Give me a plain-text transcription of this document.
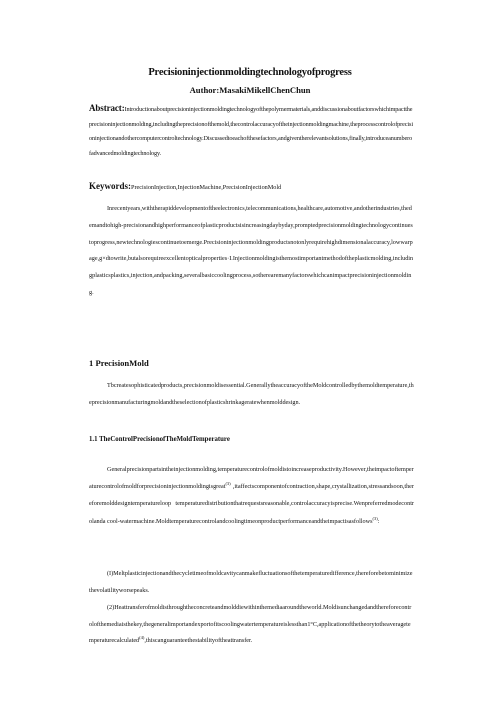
Precisioninjectionmoldingtechnologyofprogress
Author:MasakiMikellChenChun
Abstract:Introductionaboutprecisioninjectionmoldingtechnologyofthepolymermaterials,anddiscussionaboutfactorswhichimpacttheprecisioninjectionmolding,includingtheprecisionofthemold,thecontrolaccuracyoftheinjectionmoldingmachine,theprocesscontrolofprecisioninjectionandothercomputercontroltechnology.Discussedtoeachofthesefactors,andgiventherelevantsolutions,finally,introduceanumberofadvancedmoldingtechnology.
Keywords:PrecisionInjection,InjectionMachine,PrecisionInjectionMold

Inrecentyears,withtherapiddevelopmentoftheelectronics,telecommunications,healthcare,automotive,andotherindustries,thedemandtohigh-precisionandhighperformanceofplasticproductsisincreasingdaybyday,promptedprecisionmoldingtechnologycontinuestoprogress,newtechnologiescontinuetoemerge.Precisioninjectionmoldingproductsnotonlyrequirehighdimensionalaccuracy,lowwarpage,g×dtowrite,butalsorequireexcellentopticalproperties·I.Injectionmoldingisthemostimportantmethodoftheplasticmolding,includingplasticsplastics,injection,andpacking,severalbasiccoolingprocess,sotherearemanyfactorswhichcanimpactprecisioninjectionmolding.

1 PrecisionMold

Tbcreatesophisticatedproducts,precisionmoldisessential.GenerallytheaccuracyoftheMoldcontrolledbythemoldtemperature,theprecisionmanufacturingmoldandtheselectionofplasticshrinkageratewhenmolddesign.

1.1 TheControlPrecisionofTheMoldTemperature

Generalprecisionpartsintheinjectionmolding,temperaturecontrolofmoldistoincreaseproductivity.However,theimpactoftemperaturecontrolofmoldforprecisioninjectionmoldingisgreat$^{(3)}$ ,itaffectscomponentofcontraction,shape,crystallization,stressandsoon,thereforemolddesigntemperatureloop temperaturedistributionthatrequestsreasonable,controlaccuracyisprecise.Wenpreferredmodecontrolanda cool-watermachine.Moldtemperaturecontrolandcoolingtimeonproductperformanceandtheimpactisasfollows$^{(3)}$:

(I)Meltplasticinjectionandthecycletimeofmoldcavitycanmakefluctuationsofthetemperaturedifference,thereforebetominimizethevolatilityworsepeaks.

(2)Heattransferofmoldisthroughtheconcreteandmolddiewithinthemediaaroundtheworld.Moldisunchangedandthereforecontrolofthemediaisthekey,thegeneralimportandexportofitscoolingwatertemperatureislessthan1°C,applicationofthetheorytotheaveragetemperaturecalculated$^{(4)}$,thiscanguaranteethestabilityoftheattransfer.
